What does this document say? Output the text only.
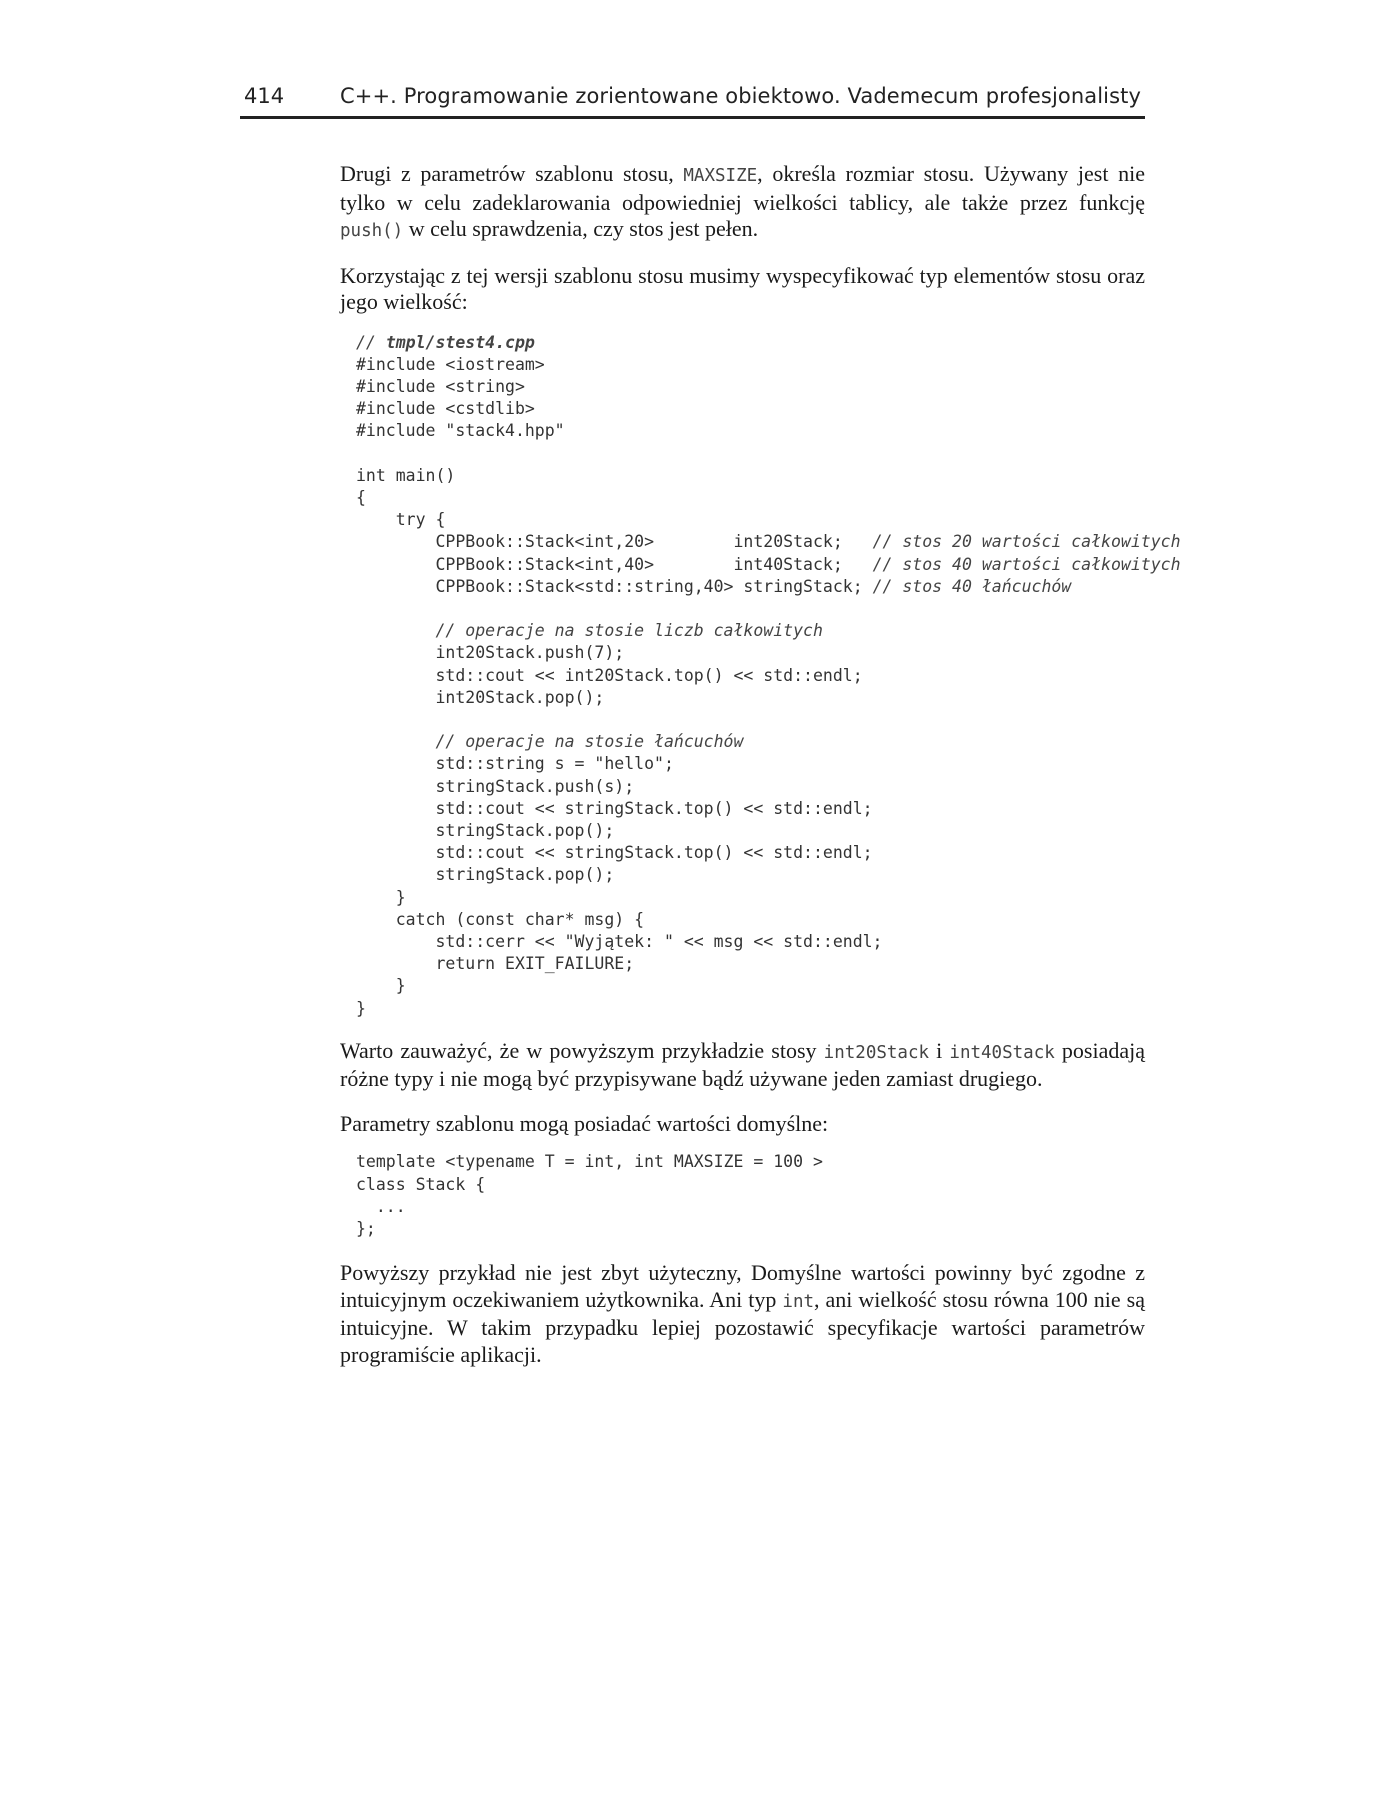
414	C++. Programowanie zorientowane obiektowo. Vademecum profesjonalisty

Drugi z parametrów szablonu stosu, MAXSIZE, określa rozmiar stosu. Używany jest nie tylko w celu zadeklarowania odpowiedniej wielkości tablicy, ale także przez funkcję push() w celu sprawdzenia, czy stos jest pełen.

Korzystając z tej wersji szablonu stosu musimy wyspecyfikować typ elementów stosu oraz jego wielkość:

// tmpl/stest4.cpp
#include <iostream>
#include <string>
#include <cstdlib>
#include "stack4.hpp"

int main()
{
try {
CPPBook::Stack<int,20>        int20Stack;   // stos 20 wartości całkowitych
CPPBook::Stack<int,40>        int40Stack;   // stos 40 wartości całkowitych
CPPBook::Stack<std::string,40> stringStack; // stos 40 łańcuchów

// operacje na stosie liczb całkowitych
int20Stack.push(7);
std::cout << int20Stack.top() << std::endl;
int20Stack.pop();

// operacje na stosie łańcuchów
std::string s = "hello";
stringStack.push(s);
std::cout << stringStack.top() << std::endl;
stringStack.pop();
std::cout << stringStack.top() << std::endl;
stringStack.pop();
}
catch (const char* msg) {
std::cerr << "Wyjątek: " << msg << std::endl;
return EXIT_FAILURE;
}
}

Warto zauważyć, że w powyższym przykładzie stosy int20Stack i int40Stack posiadają różne typy i nie mogą być przypisywane bądź używane jeden zamiast drugiego.

Parametry szablonu mogą posiadać wartości domyślne:

template <typename T = int, int MAXSIZE = 100 >
class Stack {
...
};

Powyższy przykład nie jest zbyt użyteczny, Domyślne wartości powinny być zgodne z intuicyjnym oczekiwaniem użytkownika. Ani typ int, ani wielkość stosu równa 100 nie są intuicyjne. W takim przypadku lepiej pozostawić specyfikacje wartości parametrów programiście aplikacji.
